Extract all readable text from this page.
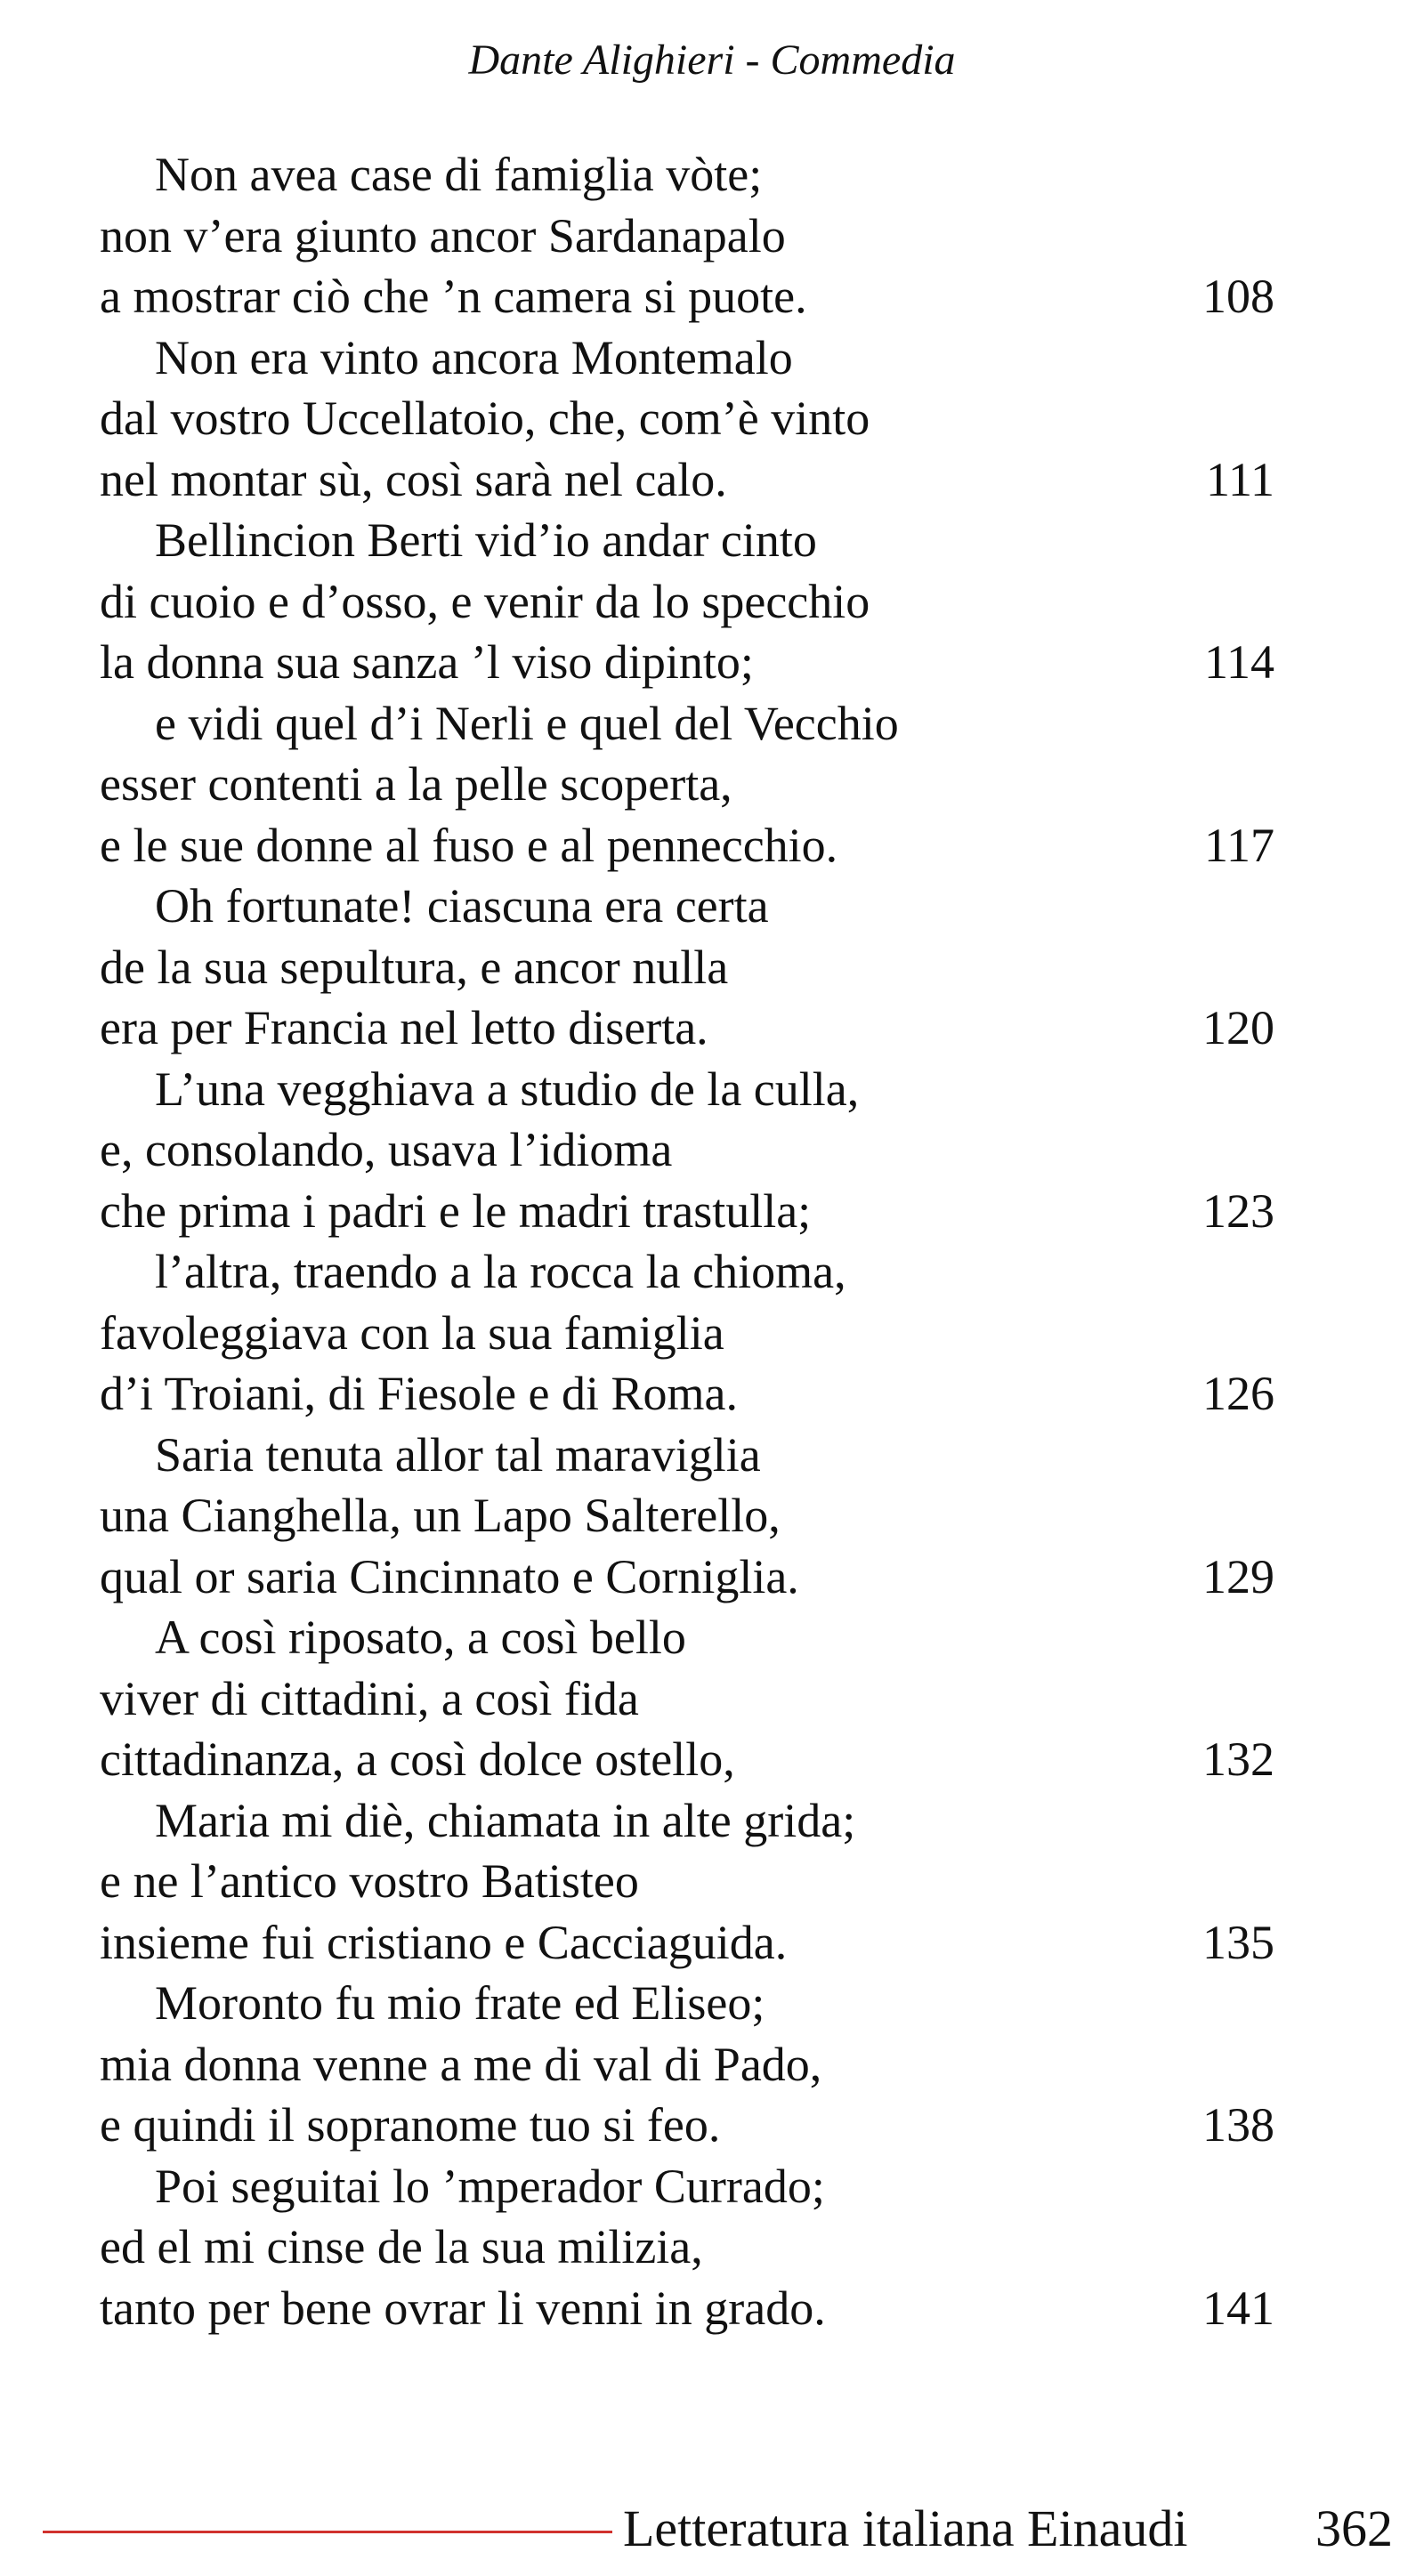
Dante Alighieri - Commedia
Non avea case di famiglia vòte;
non v’era giunto ancor Sardanapalo
a mostrar ciò che ’n camera si puote.	108
Non era vinto ancora Montemalo
dal vostro Uccellatoio, che, com’è vinto
nel montar sù, così sarà nel calo.	111
Bellincion Berti vid’io andar cinto
di cuoio e d’osso, e venir da lo specchio
la donna sua sanza ’l viso dipinto;	114
e vidi quel d’i Nerli e quel del Vecchio
esser contenti a la pelle scoperta,
e le sue donne al fuso e al pennecchio.	117
Oh fortunate! ciascuna era certa
de la sua sepultura, e ancor nulla
era per Francia nel letto diserta.	120
L’una vegghiava a studio de la culla,
e, consolando, usava l’idioma
che prima i padri e le madri trastulla;	123
l’altra, traendo a la rocca la chioma,
favoleggiava con la sua famiglia
d’i Troiani, di Fiesole e di Roma.	126
Saria tenuta allor tal maraviglia
una Cianghella, un Lapo Salterello,
qual or saria Cincinnato e Corniglia.	129
A così riposato, a così bello
viver di cittadini, a così fida
cittadinanza, a così dolce ostello,	132
Maria mi diè, chiamata in alte grida;
e ne l’antico vostro Batisteo
insieme fui cristiano e Cacciaguida.	135
Moronto fu mio frate ed Eliseo;
mia donna venne a me di val di Pado,
e quindi il sopranome tuo si feo.	138
Poi seguitai lo ’mperador Currado;
ed el mi cinse de la sua milizia,
tanto per bene ovrar li venni in grado.	141
Letteratura italiana Einaudi 362
